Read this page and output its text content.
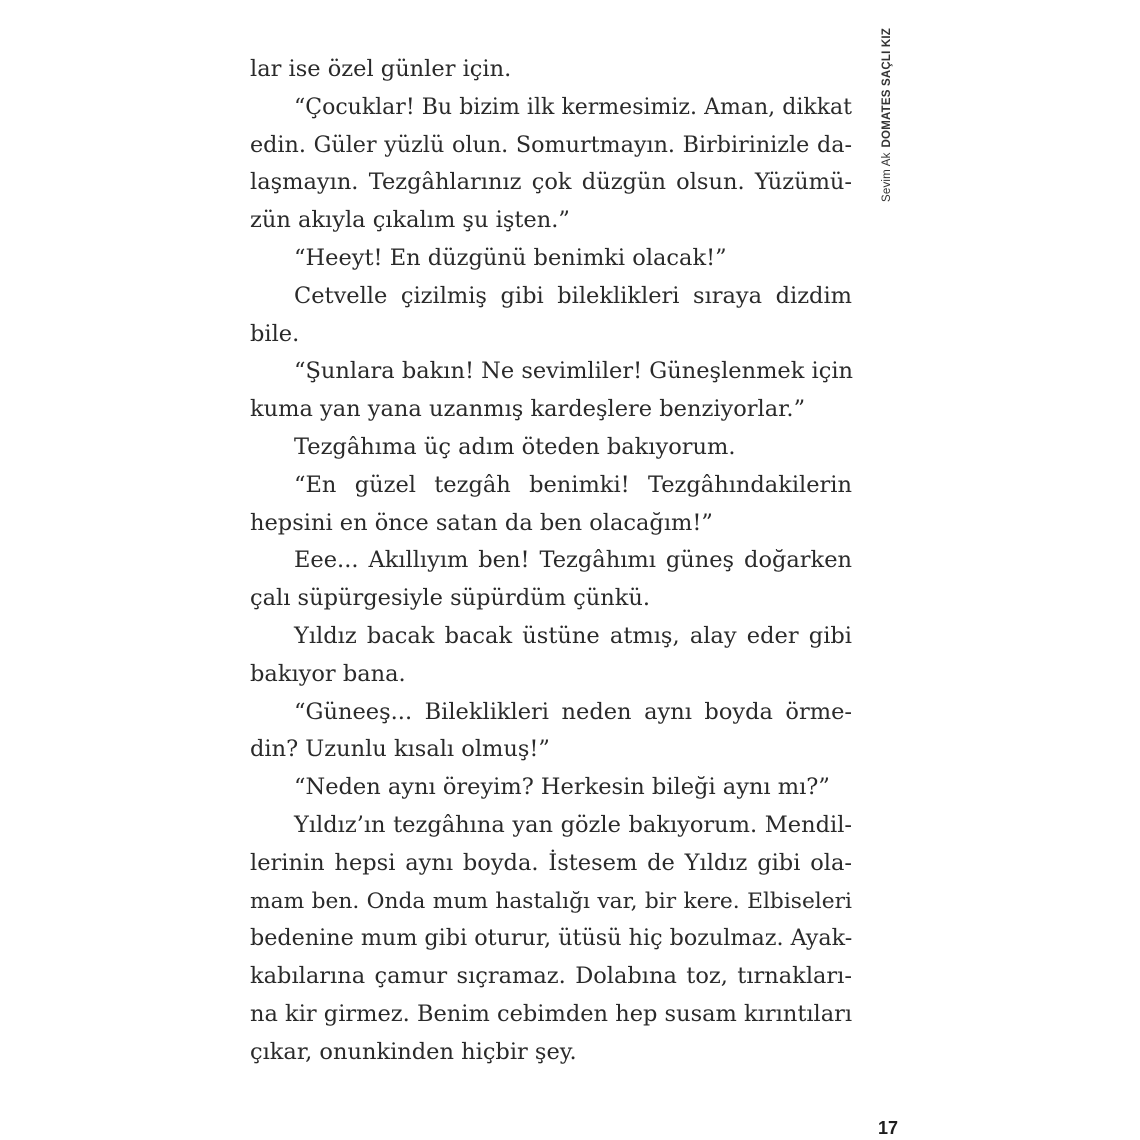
Sevim AkDOMATES SAÇLI KIZ
lar ise özel günler için.
“Çocuklar! Bu bizim ilk kermesimiz. Aman, dikkat
edin. Güler yüzlü olun. Somurtmayın. Birbirinizle da-
laşmayın. Tezgâhlarınız çok düzgün olsun. Yüzümü-
zün akıyla çıkalım şu işten.”
“Heeyt! En düzgünü benimki olacak!”
Cetvelle çizilmiş gibi bileklikleri sıraya dizdim
bile.
“Şunlara bakın! Ne sevimliler! Güneşlenmek için
kuma yan yana uzanmış kardeşlere benziyorlar.”
Tezgâhıma üç adım öteden bakıyorum.
“En güzel tezgâh benimki! Tezgâhındakilerin
hepsini en önce satan da ben olacağım!”
Eee... Akıllıyım ben! Tezgâhımı güneş doğarken
çalı süpürgesiyle süpürdüm çünkü.
Yıldız bacak bacak üstüne atmış, alay eder gibi
bakıyor bana.
“Güneeş... Bileklikleri neden aynı boyda örme-
din? Uzunlu kısalı olmuş!”
“Neden aynı öreyim? Herkesin bileği aynı mı?”
Yıldız’ın tezgâhına yan gözle bakıyorum. Mendil-
lerinin hepsi aynı boyda. İstesem de Yıldız gibi ola-
mam ben. Onda mum hastalığı var, bir kere. Elbiseleri
bedenine mum gibi oturur, ütüsü hiç bozulmaz. Ayak-
kabılarına çamur sıçramaz. Dolabına toz, tırnakları-
na kir girmez. Benim cebimden hep susam kırıntıları
çıkar, onunkinden hiçbir şey.
17
